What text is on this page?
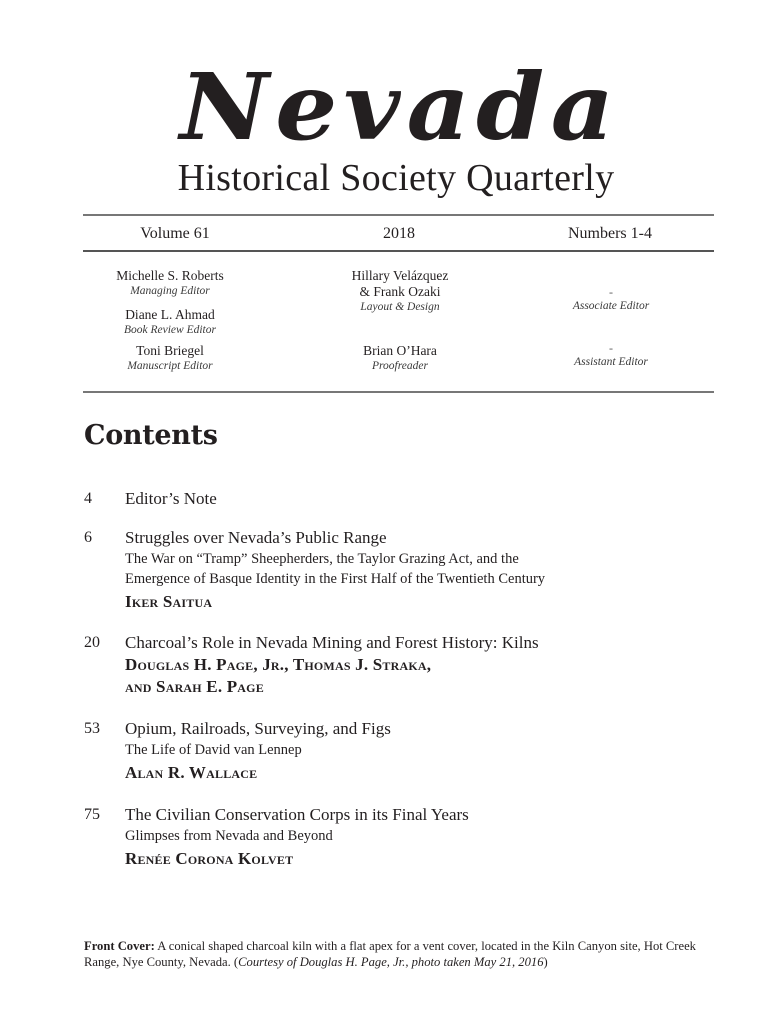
Nevada
Historical Society Quarterly
Volume 61	2018	Numbers 1-4
Michelle S. Roberts
Managing Editor
Diane L. Ahmad
Book Review Editor
Toni Briegel
Manuscript Editor
Hillary Velázquez
& Frank Ozaki
Layout & Design
Brian O’Hara
Proofreader
-
Associate Editor
-
Assistant Editor
Contents
4 Editor’s Note
6 Struggles over Nevada’s Public Range
The War on “Tramp” Sheepherders, the Taylor Grazing Act, and the
Emergence of Basque Identity in the First Half of the Twentieth Century
Iker Saitua
20 Charcoal’s Role in Nevada Mining and Forest History: Kilns
Douglas H. Page, Jr., Thomas J. Straka,
and Sarah E. Page
53 Opium, Railroads, Surveying, and Figs
The Life of David van Lennep
Alan R. Wallace
75 The Civilian Conservation Corps in its Final Years
Glimpses from Nevada and Beyond
Renée Corona Kolvet
Front Cover: A conical shaped charcoal kiln with a flat apex for a vent cover, located in the Kiln Canyon site, Hot Creek Range, Nye County, Nevada. (Courtesy of Douglas H. Page, Jr., photo taken May 21, 2016)
